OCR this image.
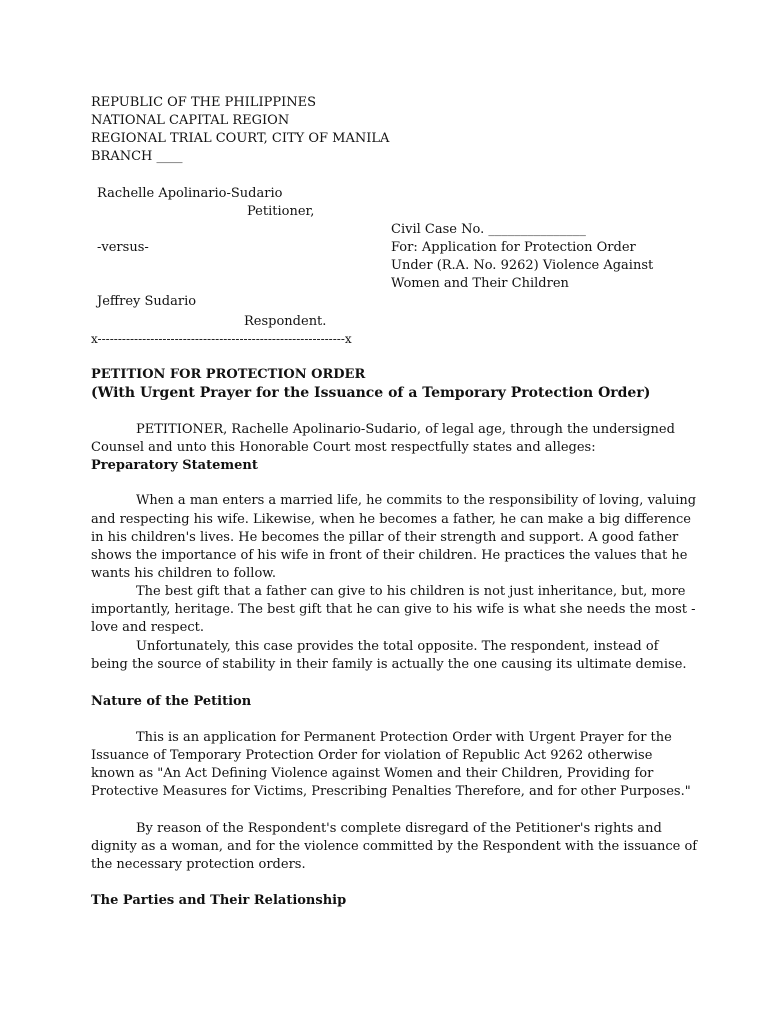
REPUBLIC OF THE PHILIPPINES
NATIONAL CAPITAL REGION
REGIONAL TRIAL COURT, CITY OF MANILA
BRANCH ____
Rachelle Apolinario-Sudario
Petitioner,
Civil Case No. _______________
-versus-	For: Application for Protection Order
Under (R.A. No. 9262) Violence Against
Women and Their Children
Jeffrey Sudario
Respondent.
x-------------------------------------------------------------x
PETITION FOR PROTECTION ORDER
(With Urgent Prayer for the Issuance of a Temporary Protection Order)
PETITIONER, Rachelle Apolinario-Sudario, of legal age, through the undersigned
Counsel and unto this Honorable Court most respectfully states and alleges:
Preparatory Statement
When a man enters a married life, he commits to the responsibility of loving, valuing
and respecting his wife. Likewise, when he becomes a father, he can make a big difference
in his children's lives. He becomes the pillar of their strength and support. A good father
shows the importance of his wife in front of their children. He practices the values that he
wants his children to follow.
The best gift that a father can give to his children is not just inheritance, but, more
importantly, heritage. The best gift that he can give to his wife is what she needs the most -
love and respect.
Unfortunately, this case provides the total opposite. The respondent, instead of
being the source of stability in their family is actually the one causing its ultimate demise.
Nature of the Petition
This is an application for Permanent Protection Order with Urgent Prayer for the
Issuance of Temporary Protection Order for violation of Republic Act 9262 otherwise
known as "An Act Defining Violence against Women and their Children, Providing for
Protective Measures for Victims, Prescribing Penalties Therefore, and for other Purposes."
By reason of the Respondent's complete disregard of the Petitioner's rights and
dignity as a woman, and for the violence committed by the Respondent with the issuance of
the necessary protection orders.
The Parties and Their Relationship
